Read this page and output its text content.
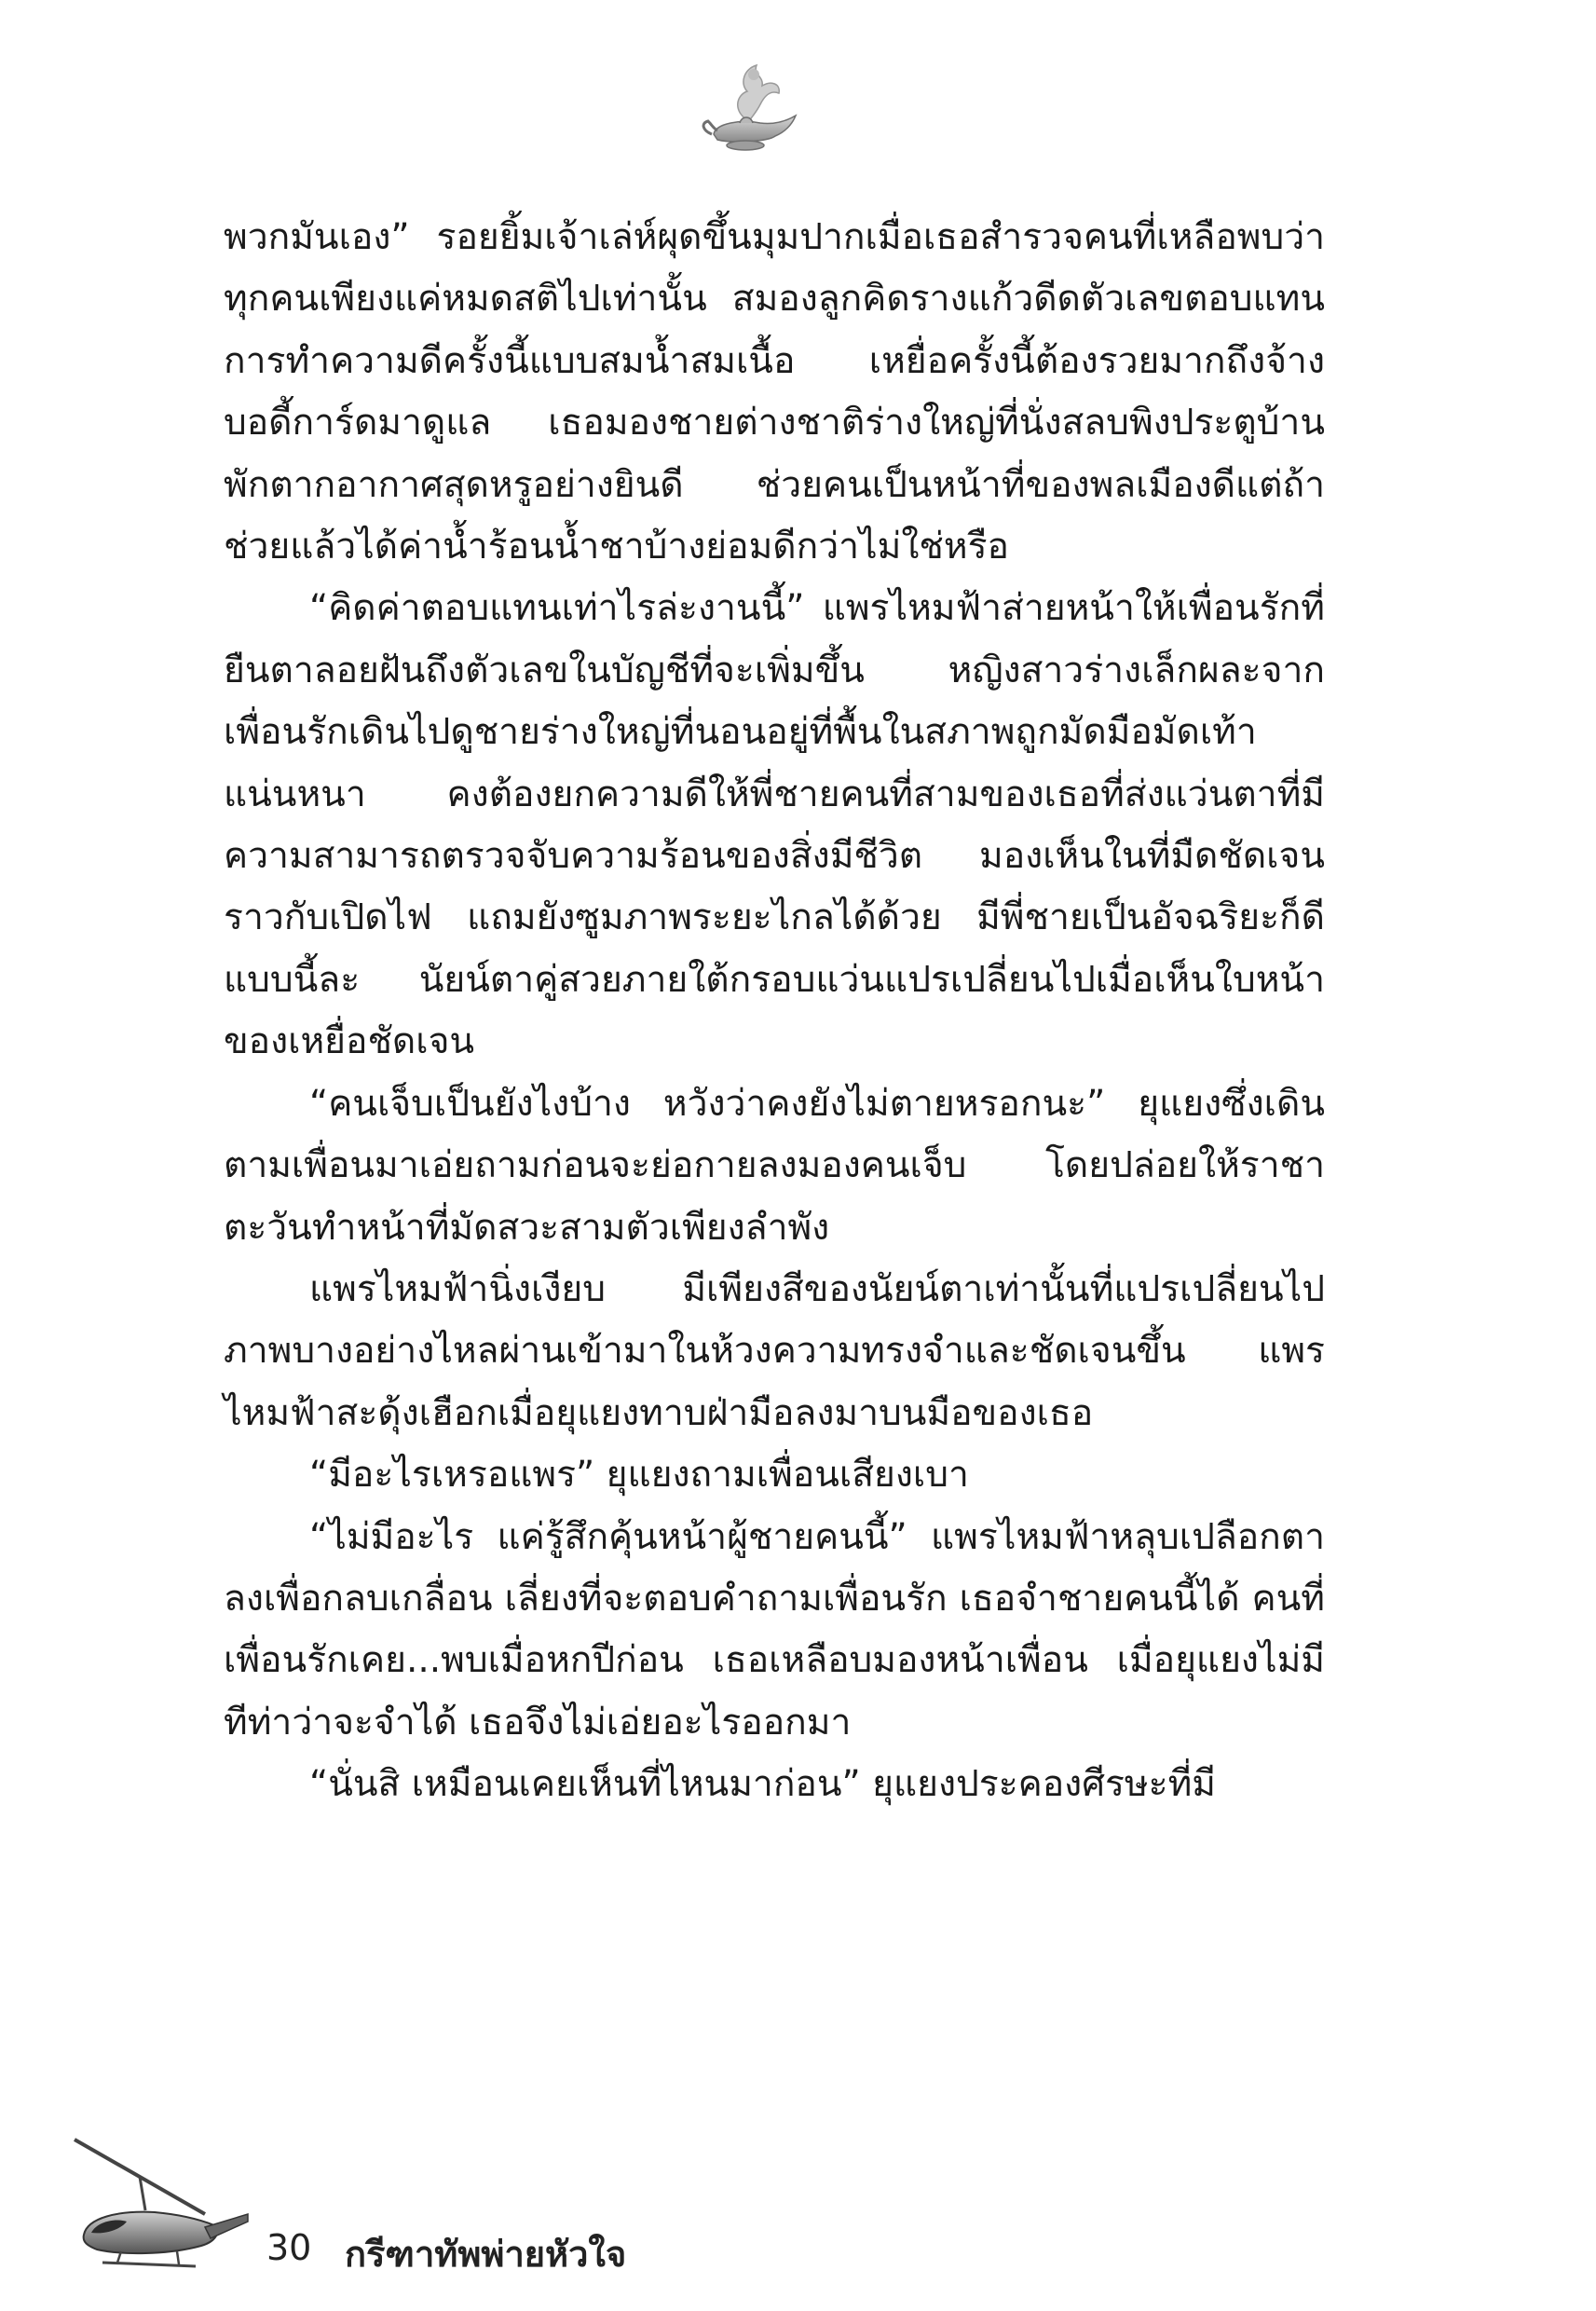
พวกมันเอง” รอยยิ้มเจ้าเล่ห์ผุดขึ้นมุมปากเมื่อเธอสำรวจคนที่เหลือพบว่าทุกคนเพียงแค่หมดสติไปเท่านั้น สมองลูกคิดรางแก้วดีดตัวเลขตอบแทนการทำความดีครั้งนี้แบบสมน้ำสมเนื้อ เหยื่อครั้งนี้ต้องรวยมากถึงจ้างบอดี้การ์ดมาดูแล เธอมองชายต่างชาติร่างใหญ่ที่นั่งสลบพิงประตูบ้านพักตากอากาศสุดหรูอย่างยินดี ช่วยคนเป็นหน้าที่ของพลเมืองดีแต่ถ้าช่วยแล้วได้ค่าน้ำร้อนน้ำชาบ้างย่อมดีกว่าไม่ใช่หรือ

“คิดค่าตอบแทนเท่าไรล่ะงานนี้” แพรไหมฟ้าส่ายหน้าให้เพื่อนรักที่ยืนตาลอยฝันถึงตัวเลขในบัญชีที่จะเพิ่มขึ้น หญิงสาวร่างเล็กผละจากเพื่อนรักเดินไปดูชายร่างใหญ่ที่นอนอยู่ที่พื้นในสภาพถูกมัดมือมัดเท้าแน่นหนา คงต้องยกความดีให้พี่ชายคนที่สามของเธอที่ส่งแว่นตาที่มีความสามารถตรวจจับความร้อนของสิ่งมีชีวิต มองเห็นในที่มืดชัดเจนราวกับเปิดไฟ แถมยังซูมภาพระยะไกลได้ด้วย มีพี่ชายเป็นอัจฉริยะก็ดีแบบนี้ละ นัยน์ตาคู่สวยภายใต้กรอบแว่นแปรเปลี่ยนไปเมื่อเห็นใบหน้าของเหยื่อชัดเจน

“คนเจ็บเป็นยังไงบ้าง หวังว่าคงยังไม่ตายหรอกนะ” ยุแยงซึ่งเดินตามเพื่อนมาเอ่ยถามก่อนจะย่อกายลงมองคนเจ็บ โดยปล่อยให้ราชาตะวันทำหน้าที่มัดสวะสามตัวเพียงลำพัง

แพรไหมฟ้านิ่งเงียบ มีเพียงสีของนัยน์ตาเท่านั้นที่แปรเปลี่ยนไป ภาพบางอย่างไหลผ่านเข้ามาในห้วงความทรงจำและชัดเจนขึ้น แพรไหมฟ้าสะดุ้งเฮือกเมื่อยุแยงทาบฝ่ามือลงมาบนมือของเธอ

“มีอะไรเหรอแพร” ยุแยงถามเพื่อนเสียงเบา

“ไม่มีอะไร แค่รู้สึกคุ้นหน้าผู้ชายคนนี้” แพรไหมฟ้าหลุบเปลือกตาลงเพื่อกลบเกลื่อน เลี่ยงที่จะตอบคำถามเพื่อนรัก เธอจำชายคนนี้ได้ คนที่เพื่อนรักเคย...พบเมื่อหกปีก่อน เธอเหลือบมองหน้าเพื่อน เมื่อยุแยงไม่มีทีท่าว่าจะจำได้ เธอจึงไม่เอ่ยอะไรออกมา

“นั่นสิ เหมือนเคยเห็นที่ไหนมาก่อน” ยุแยงประคองศีรษะที่มี

30 กรีฑาทัพพ่ายหัวใจ
